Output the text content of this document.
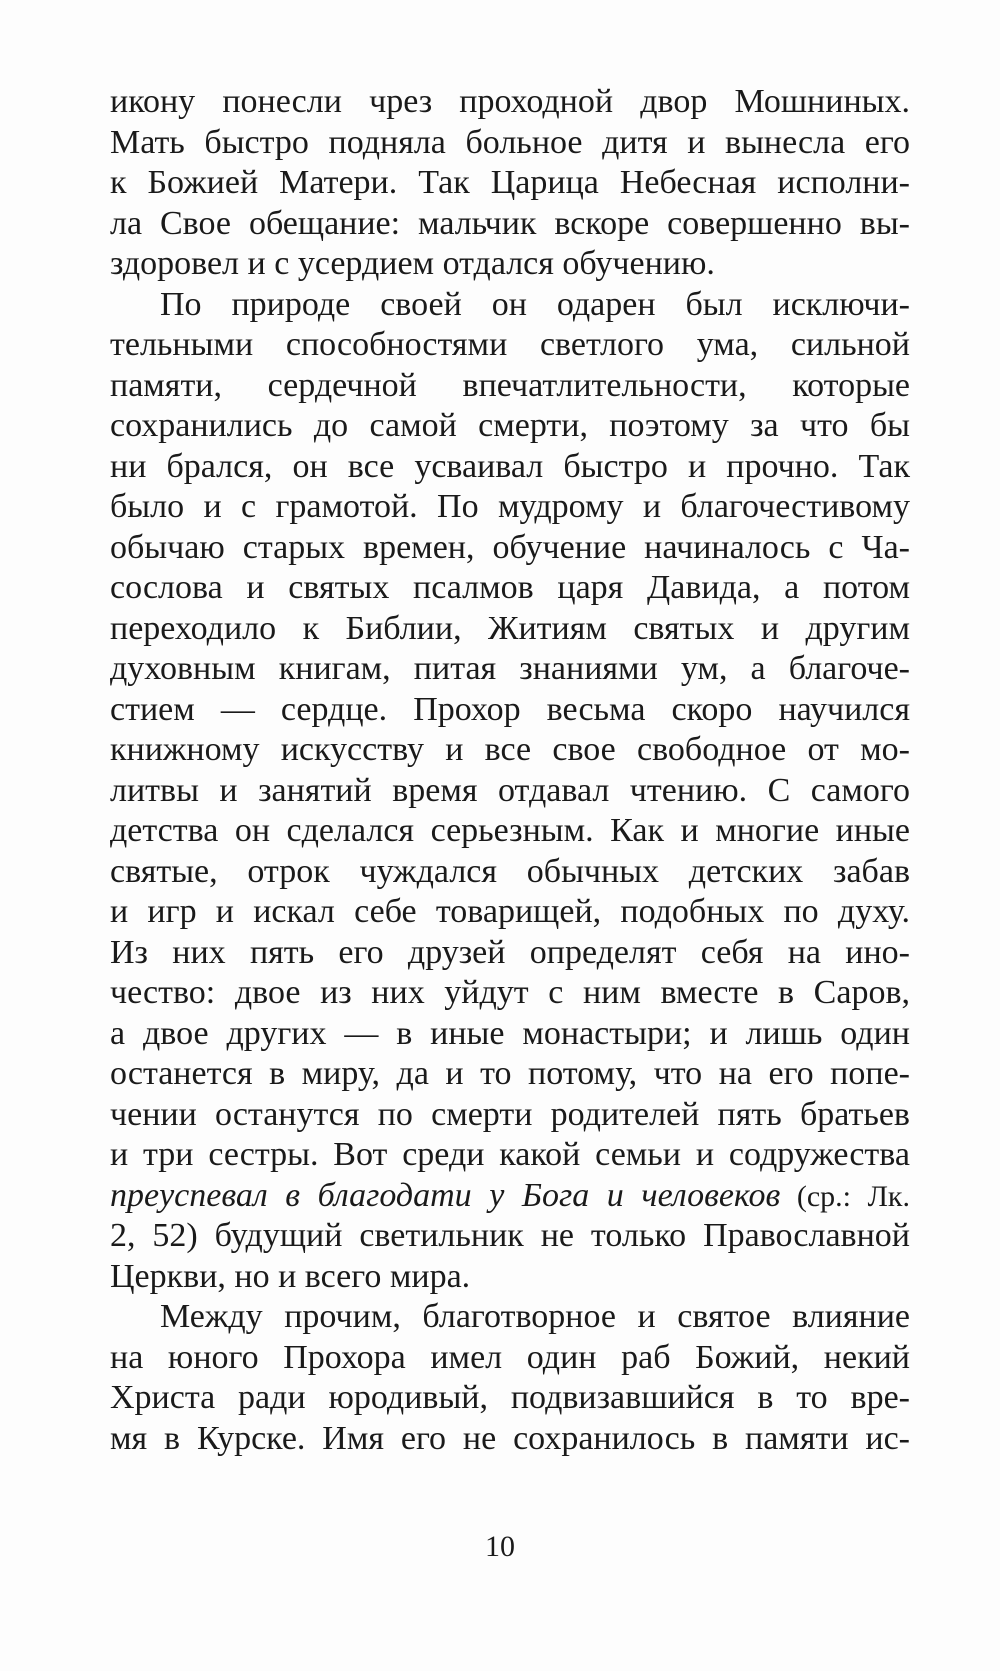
икону понесли чрез проходной двор Мошниных.
Мать быстро подняла больное дитя и вынесла его
к Божией Матери. Так Царица Небесная исполни-
ла Свое обещание: мальчик вскоре совершенно вы-
здоровел и с усердием отдался обучению.
По природе своей он одарен был исключи-
тельными способностями светлого ума, сильной
памяти, сердечной впечатлительности, которые
сохранились до самой смерти, поэтому за что бы
ни брался, он все усваивал быстро и прочно. Так
было и с грамотой. По мудрому и благочестивому
обычаю старых времен, обучение начиналось с Ча-
сослова и святых псалмов царя Давида, а потом
переходило к Библии, Житиям святых и другим
духовным книгам, питая знаниями ум, а благоче-
стием — сердце. Прохор весьма скоро научился
книжному искусству и все свое свободное от мо-
литвы и занятий время отдавал чтению. С самого
детства он сделался серьезным. Как и многие иные
святые, отрок чуждался обычных детских забав
и игр и искал себе товарищей, подобных по духу.
Из них пять его друзей определят себя на ино-
чество: двое из них уйдут с ним вместе в Саров,
а двое других — в иные монастыри; и лишь один
останется в миру, да и то потому, что на его попе-
чении останутся по смерти родителей пять братьев
и три сестры. Вот среди какой семьи и содружества
преуспевал в благодати у Бога и человеков (ср.: Лк.
2, 52) будущий светильник не только Православной
Церкви, но и всего мира.
Между прочим, благотворное и святое влияние
на юного Прохора имел один раб Божий, некий
Христа ради юродивый, подвизавшийся в то вре-
мя в Курске. Имя его не сохранилось в памяти ис-
10
